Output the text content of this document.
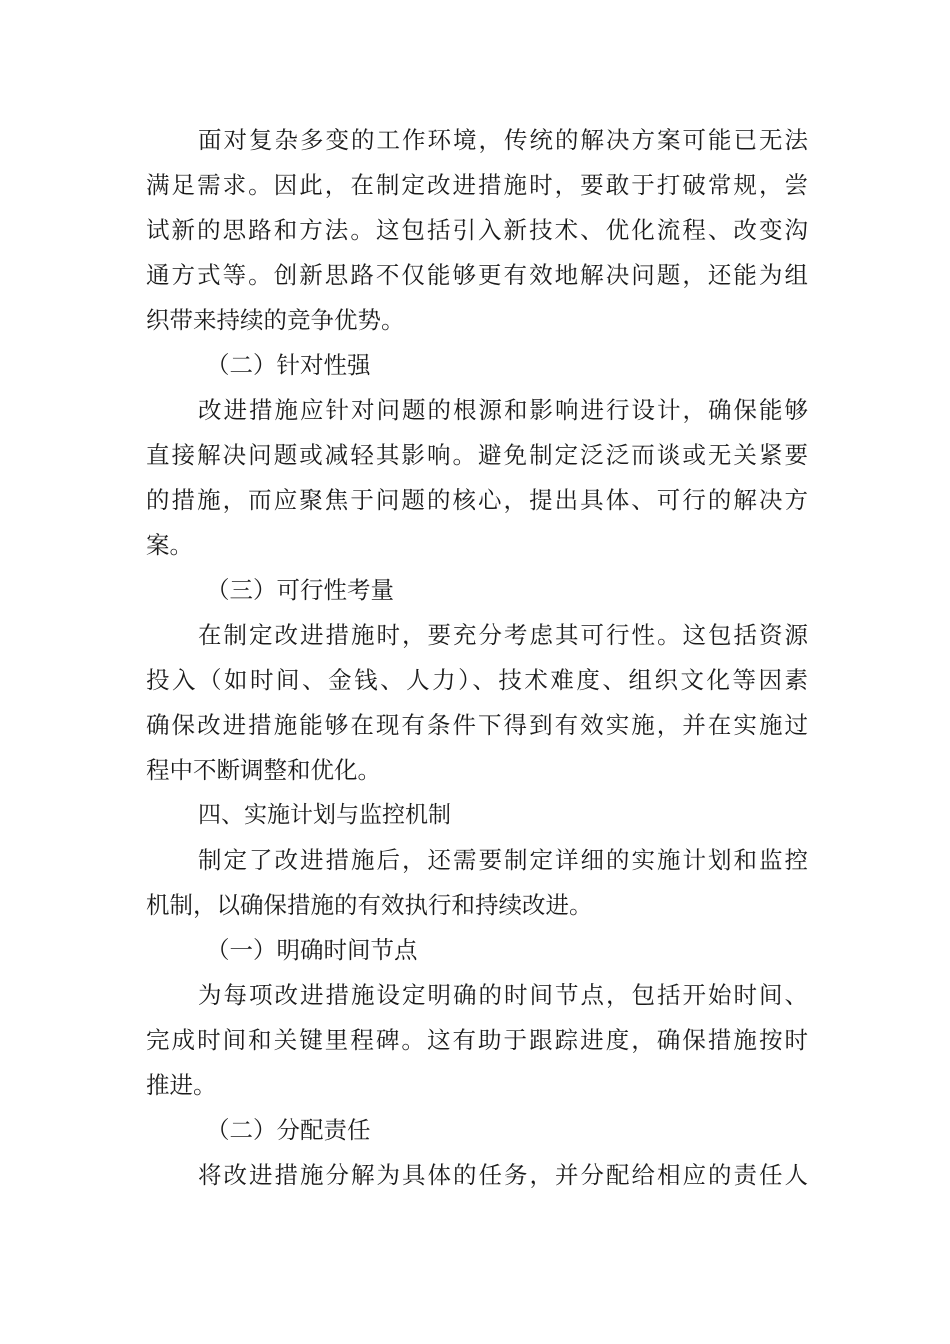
面对复杂多变的工作环境，传统的解决方案可能已无法
满足需求。因此，在制定改进措施时，要敢于打破常规，尝
试新的思路和方法。这包括引入新技术、优化流程、改变沟
通方式等。创新思路不仅能够更有效地解决问题，还能为组
织带来持续的竞争优势。
（二）针对性强
改进措施应针对问题的根源和影响进行设计，确保能够
直接解决问题或减轻其影响。避免制定泛泛而谈或无关紧要
的措施，而应聚焦于问题的核心，提出具体、可行的解决方
案。
（三）可行性考量
在制定改进措施时，要充分考虑其可行性。这包括资源
投入（如时间、金钱、人力）、技术难度、组织文化等因素
确保改进措施能够在现有条件下得到有效实施，并在实施过
程中不断调整和优化。
四、实施计划与监控机制
制定了改进措施后，还需要制定详细的实施计划和监控
机制，以确保措施的有效执行和持续改进。
（一）明确时间节点
为每项改进措施设定明确的时间节点，包括开始时间、
完成时间和关键里程碑。这有助于跟踪进度，确保措施按时
推进。
（二）分配责任
将改进措施分解为具体的任务，并分配给相应的责任人
